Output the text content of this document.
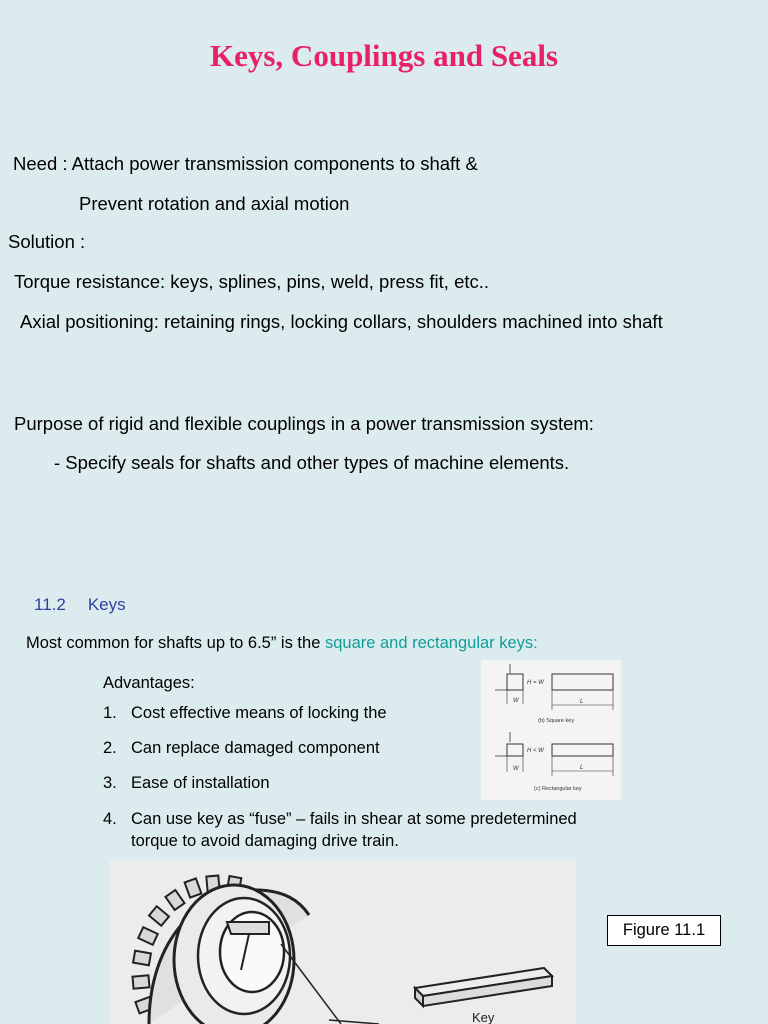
Keys, Couplings and Seals
Need : Attach power transmission components to shaft &
Prevent rotation and axial motion
Solution :
Torque resistance: keys, splines, pins, weld, press fit, etc..
Axial positioning: retaining rings, locking collars, shoulders machined into shaft
Purpose of rigid and flexible couplings in a power transmission system:
- Specify seals for shafts and other types of machine elements.
11.2 Keys
Most common for shafts up to 6.5” is the square and rectangular keys:
Advantages:
1. Cost effective means of locking the
2. Can replace damaged component
3. Ease of installation
4. Can use key as “fuse” – fails in shear at some predetermined
torque to avoid damaging drive train.
H = W
W	L
(b) Square key
H < W
W	L
(c) Rectangular key
Figure 11.1
Key
